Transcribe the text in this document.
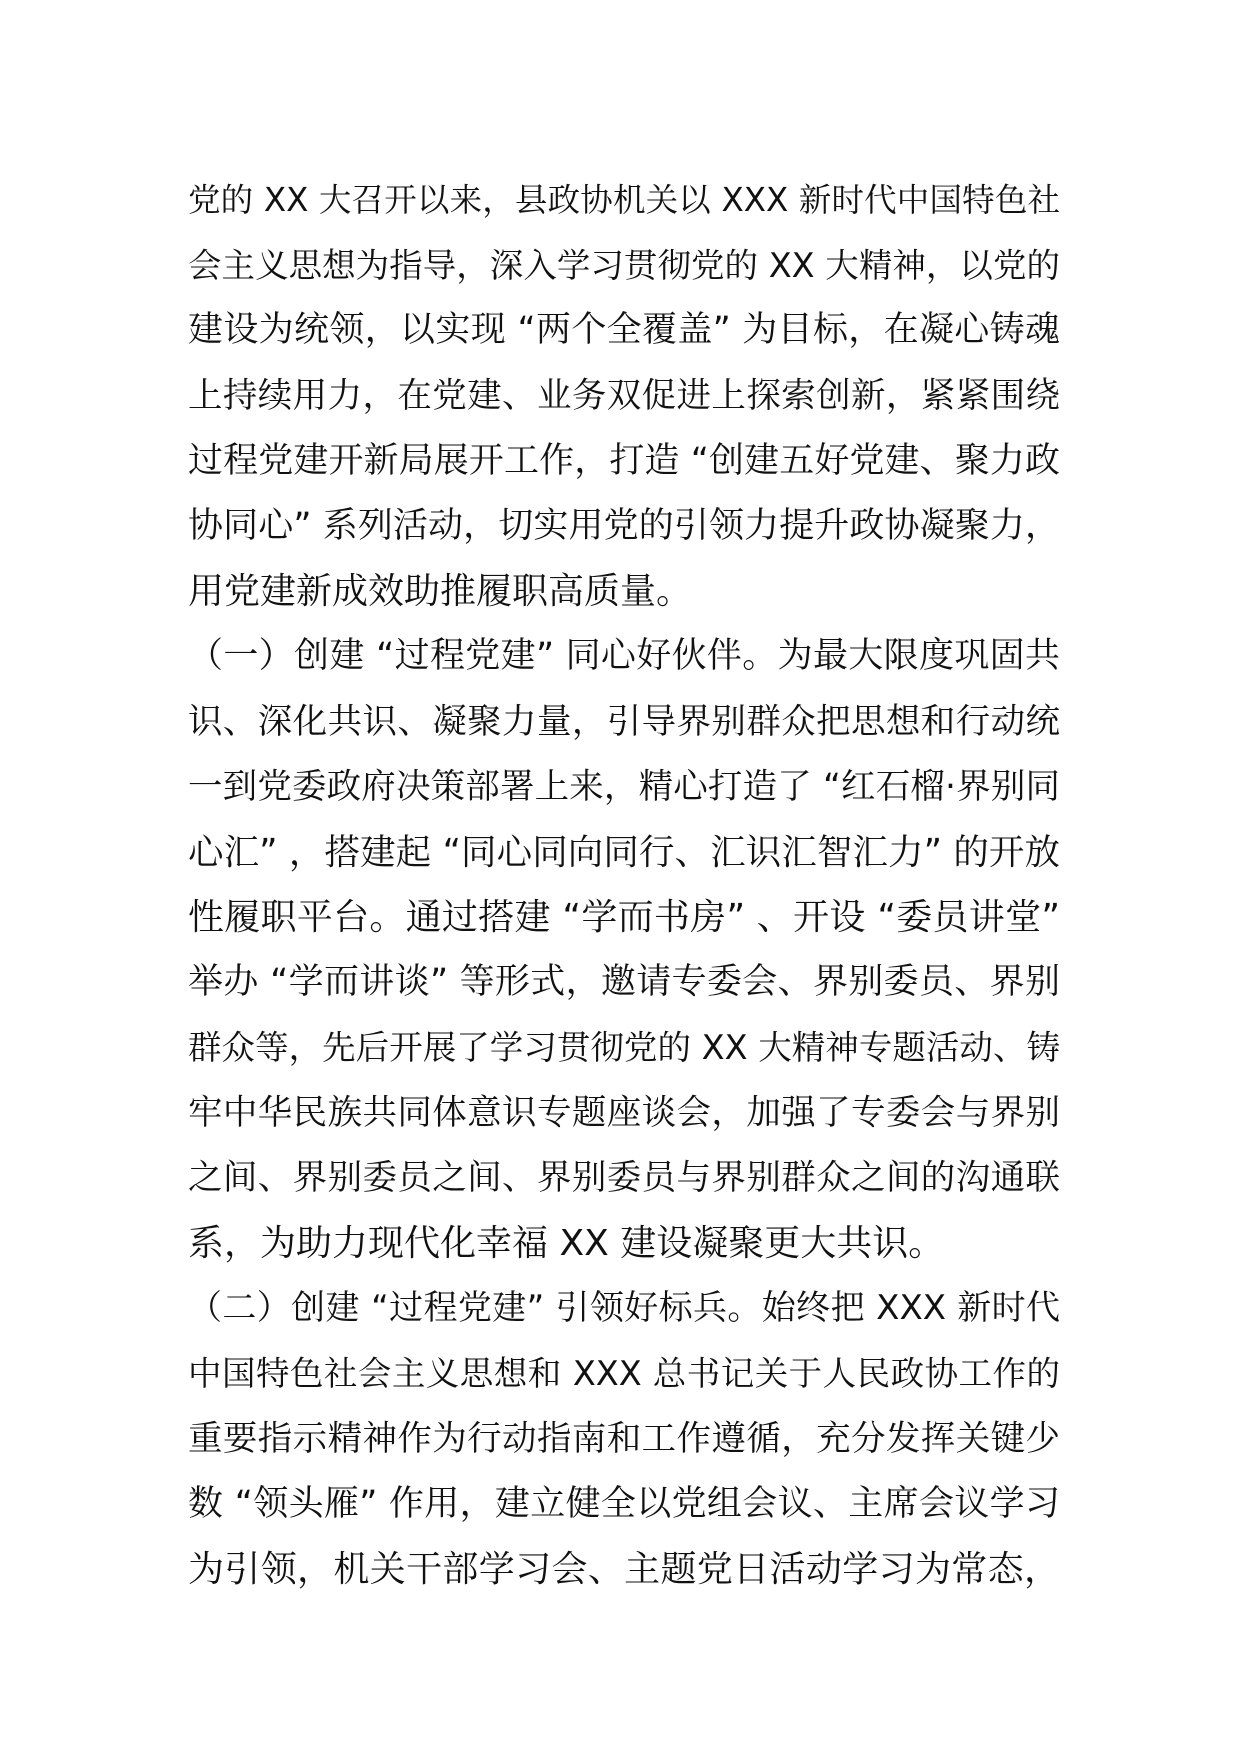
党的 XX 大召开以来，县政协机关以 XXX 新时代中国特色社
会主义思想为指导，深入学习贯彻党的 XX 大精神，以党的
建设为统领，以实现 “两个全覆盖” 为目标，在凝心铸魂
上持续用力，在党建、业务双促进上探索创新，紧紧围绕
过程党建开新局展开工作，打造 “创建五好党建、聚力政
协同心” 系列活动，切实用党的引领力提升政协凝聚力，
用党建新成效助推履职高质量。
（一）创建 “过程党建” 同心好伙伴。为最大限度巩固共
识、深化共识、凝聚力量，引导界别群众把思想和行动统
一到党委政府决策部署上来，精心打造了 “红石榴·界别同
心汇” ，搭建起 “同心同向同行、汇识汇智汇力” 的开放
性履职平台。通过搭建 “学而书房” 、开设 “委员讲堂”
举办 “学而讲谈” 等形式，邀请专委会、界别委员、界别
群众等，先后开展了学习贯彻党的 XX 大精神专题活动、铸
牢中华民族共同体意识专题座谈会，加强了专委会与界别
之间、界别委员之间、界别委员与界别群众之间的沟通联
系，为助力现代化幸福 XX 建设凝聚更大共识。
（二）创建 “过程党建” 引领好标兵。始终把 XXX 新时代
中国特色社会主义思想和 XXX 总书记关于人民政协工作的
重要指示精神作为行动指南和工作遵循，充分发挥关键少
数 “领头雁” 作用，建立健全以党组会议、主席会议学习
为引领，机关干部学习会、主题党日活动学习为常态，
